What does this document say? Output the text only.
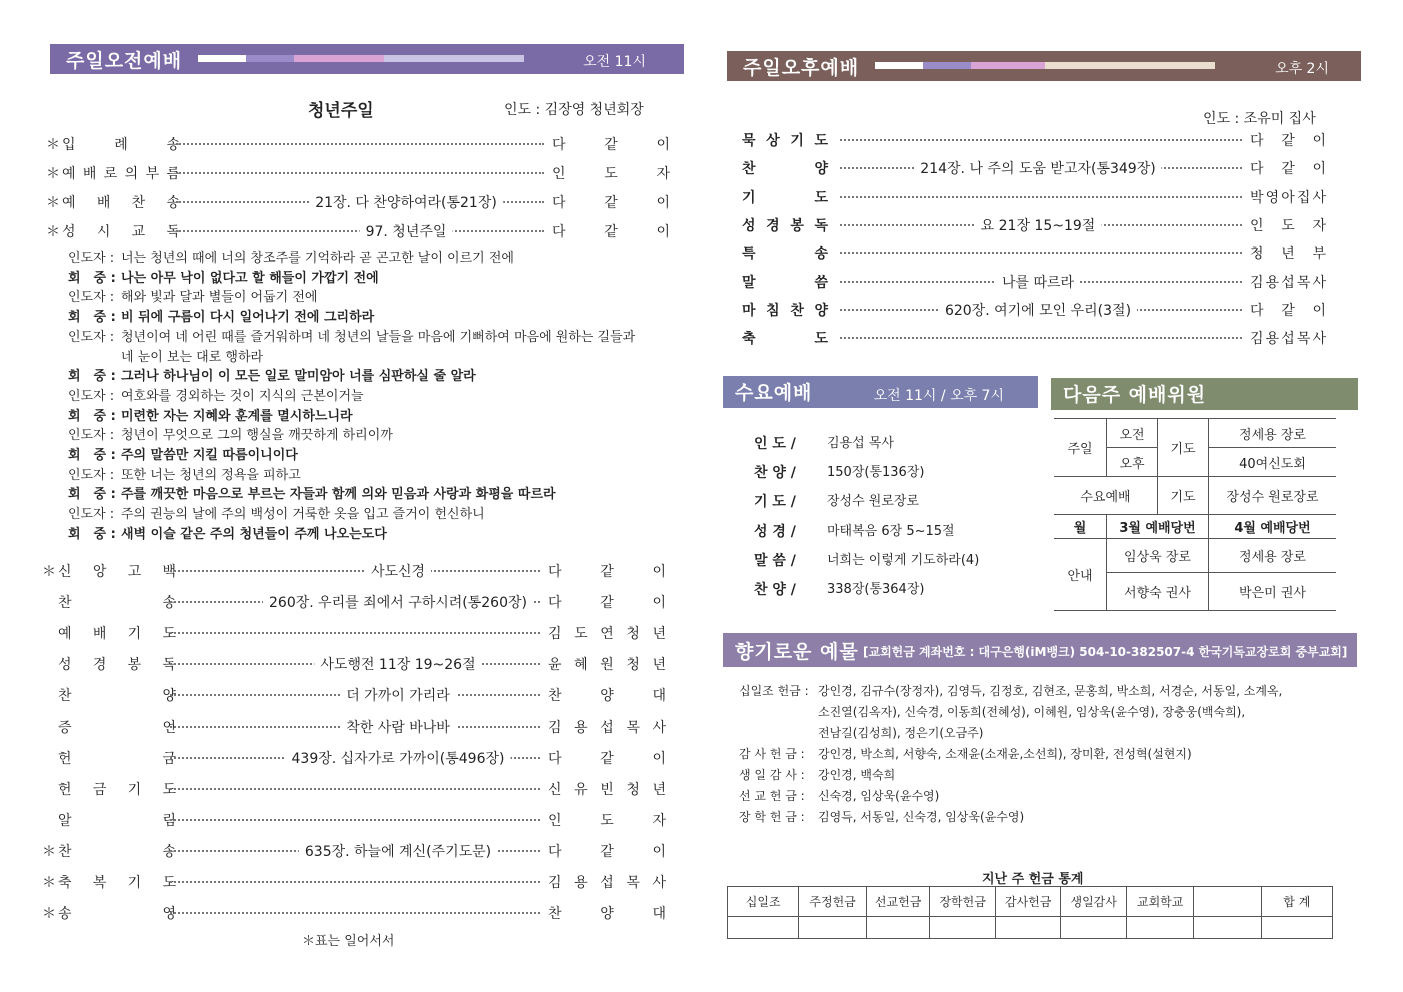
주일오전예배	오전 11시
청년주일	인도 : 김장영 청년회장
＊ 입	례	송	다	같	이
＊ 예 배 로 의 부 름	인	도	자
＊ 예 배 찬 송	21장. 다 찬양하여라(통21장)	다	같	이
＊ 성 시 교 독	97. 청년주일	다	같	이
인도자 : 너는 청년의 때에 너의 창조주를 기억하라 곧 곤고한 날이 이르기 전에
회　중 : 나는 아무 낙이 없다고 할 해들이 가깝기 전에
인도자 : 해와 빛과 달과 별들이 어둡기 전에
회　중 : 비 뒤에 구름이 다시 일어나기 전에 그리하라
인도자 : 청년이여 네 어린 때를 즐거워하며 네 청년의 날들을 마음에 기뻐하여 마음에 원하는 길들과
네 눈이 보는 대로 행하라
회　중 : 그러나 하나님이 이 모든 일로 말미암아 너를 심판하실 줄 알라
인도자 : 여호와를 경외하는 것이 지식의 근본이거늘
회　중 : 미련한 자는 지혜와 훈계를 멸시하느니라
인도자 : 청년이 무엇으로 그의 행실을 깨끗하게 하리이까
회　중 : 주의 말씀만 지킬 따름이니이다
인도자 : 또한 너는 청년의 정욕을 피하고
회　중 : 주를 깨끗한 마음으로 부르는 자들과 함께 의와 믿음과 사랑과 화평을 따르라
인도자 : 주의 권능의 날에 주의 백성이 거룩한 옷을 입고 즐거이 헌신하니
회　중 : 새벽 이슬 같은 주의 청년들이 주께 나오는도다
＊ 신 앙 고 백	사도신경	다	같	이
찬	송	260장. 우리를 죄에서 구하시려(통260장)	다	같	이
예 배 기 도	김 도 연 청 년
성 경 봉 독	사도행전 11장 19~26절	윤 혜 원 청 년
찬	양	더 가까이 가리라	찬	양	대
증	언	착한 사람 바나바	김 용 섭 목 사
헌	금	439장. 십자가로 가까이(통496장)	다	같	이
헌 금 기 도	신 유 빈 청 년
알	림	인	도	자
＊ 찬	송	635장. 하늘에 계신(주기도문)	다	같	이
＊ 축 복 기 도	김 용 섭 목 사
＊ 송	영	찬	양	대
＊표는 일어서서
주일오후예배	오후 2시
인도 : 조유미 집사
묵 상 기 도	다 같 이
찬	양	214장. 나 주의 도움 받고자(통349장)	다 같 이
기	도	박 영 아 집 사
성 경 봉 독	요 21장 15~19절	인 도 자
특	송	청 년 부
말	씀	나를 따르라	김 용 섭 목 사
마 침 찬 양	620장. 여기에 모인 우리(3절)	다 같 이
축	도	김 용 섭 목 사
수요예배	오전 11시 / 오후 7시
인 도 / 김용섭 목사
찬 양 / 150장(통136장)
기 도 / 장성수 원로장로
성 경 / 마태복음 6장 5~15절
말 씀 / 너희는 이렇게 기도하라(4)
찬 양 / 338장(통364장)
다음주 예배위원
주일	오전	기도	정세용 장로
	오후		40여신도회
수요예배		기도	장성수 원로장로
월	3월 예배당번		4월 예배당번
안내	임상욱 장로		정세용 장로
	서향숙 권사		박은미 권사
향기로운 예물 [교회헌금 계좌번호 : 대구은행(iM뱅크) 504-10-382507-4 한국기독교장로회 중부교회]
십일조 헌금 : 강인경, 김규수(장정자), 김영득, 김정호, 김현조, 문홍희, 박소희, 서경순, 서동일, 소계옥,
소진열(김옥자), 신숙경, 이동희(전혜성), 이혜원, 임상욱(윤수영), 장충웅(백숙희),
전남길(김성희), 정은기(오금주)
감 사 헌 금 : 강인경, 박소희, 서향숙, 소재윤(소재윤,소선희), 장미환, 전성혁(설현지)
생 일 감 사 : 강인경, 백숙희
선 교 헌 금 : 신숙경, 임상욱(윤수영)
장 학 헌 금 : 김영득, 서동일, 신숙경, 임상욱(윤수영)
지난 주 헌금 통계
십일조	주정헌금	선교헌금	장학헌금	감사헌금	생일감사	교회학교		합 계
